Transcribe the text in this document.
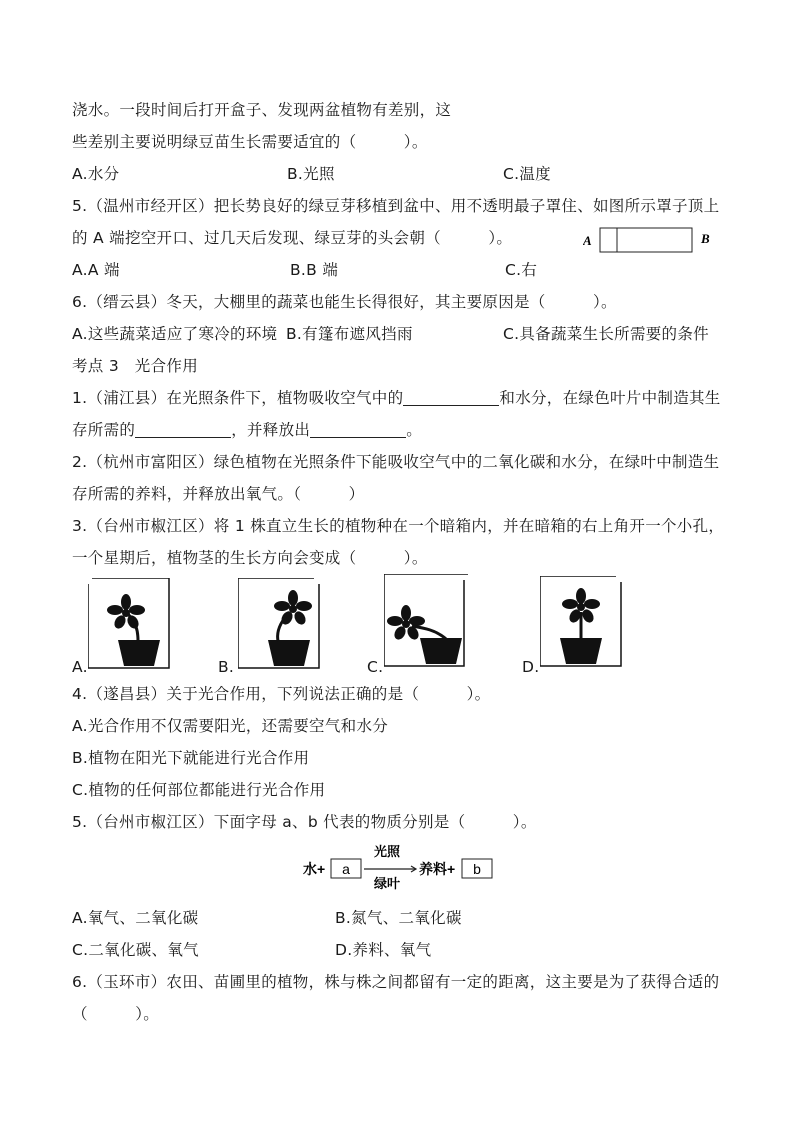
浇水。一段时间后打开盒子、发现两盆植物有差别，这
些差别主要说明绿豆苗生长需要适宜的（　　　）。
A.水分	B.光照	C.温度
5.（温州市经开区）把长势良好的绿豆芽移植到盆中、用不透明最子罩住、如图所示罩子顶上
的 A 端挖空开口、过几天后发现、绿豆芽的头会朝（　　　）。	A	B
A.A 端	B.B 端	C.右
6.（缙云县）冬天，大棚里的蔬菜也能生长得很好，其主要原因是（　　　）。
A.这些蔬菜适应了寒冷的环境 B.有篷布遮风挡雨	C.具备蔬菜生长所需要的条件
考点 3　光合作用
1.（浦江县）在光照条件下，植物吸收空气中的	和水分，在绿色叶片中制造其生
存所需的	，并释放出	。
2.（杭州市富阳区）绿色植物在光照条件下能吸收空气中的二氧化碳和水分，在绿叶中制造生
存所需的养料，并释放出氧气。（　　　）
3.（台州市椒江区）将 1 株直立生长的植物种在一个暗箱内，并在暗箱的右上角开一个小孔，
一个星期后，植物茎的生长方向会变成（　　　）。
A.	B.	C.	D.
4.（遂昌县）关于光合作用，下列说法正确的是（　　　）。
A.光合作用不仅需要阳光，还需要空气和水分
B.植物在阳光下就能进行光合作用
C.植物的任何部位都能进行光合作用
5.（台州市椒江区）下面字母 a、b 代表的物质分别是（　　　）。
水+ a
光照
绿叶
养料+ b
A.氧气、二氧化碳	B.氮气、二氧化碳
C.二氧化碳、氧气	D.养料、氧气
6.（玉环市）农田、苗圃里的植物，株与株之间都留有一定的距离，这主要是为了获得合适的
（　　　）。
